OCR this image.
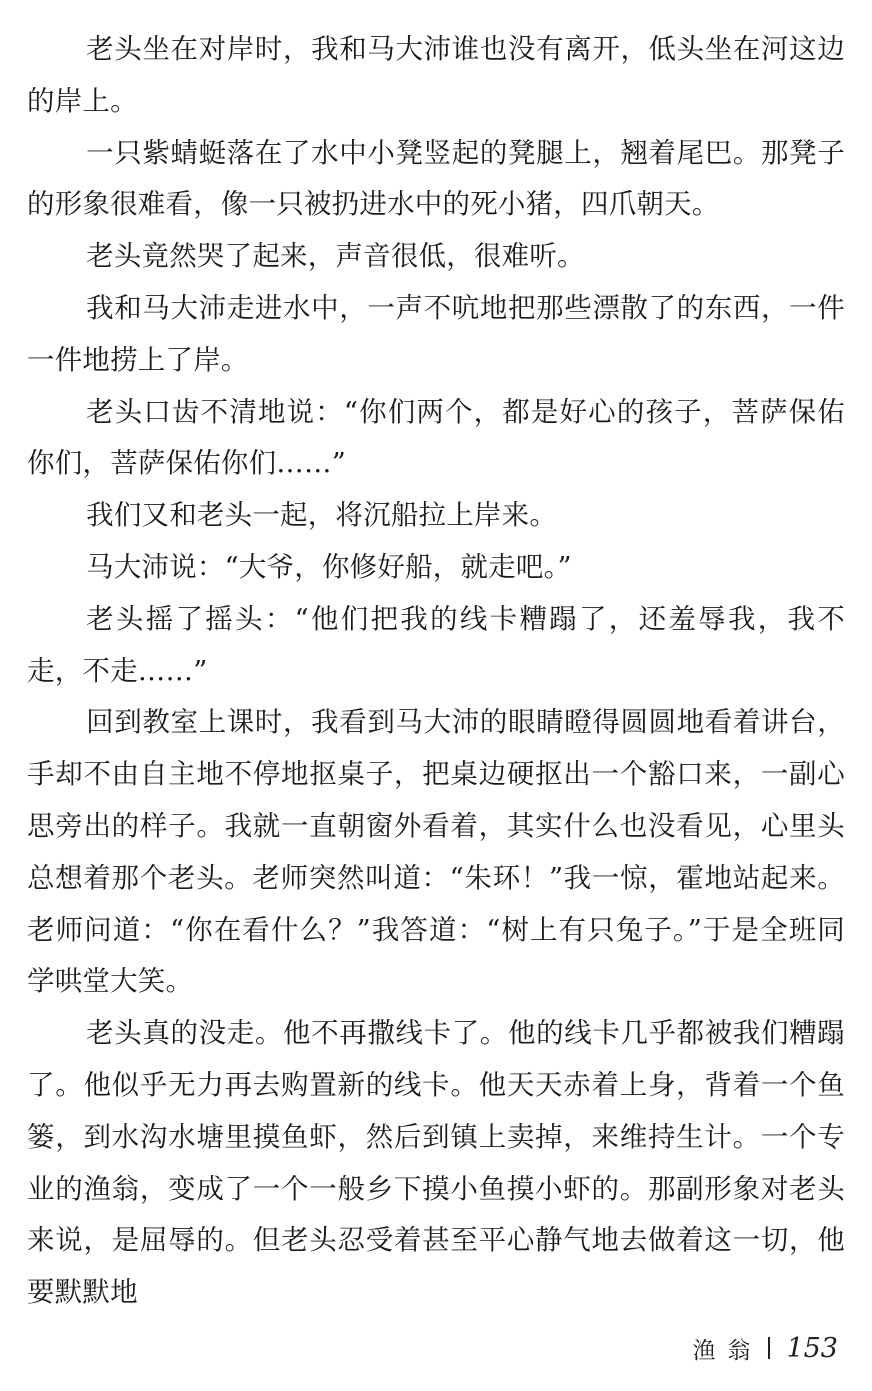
老头坐在对岸时，我和马大沛谁也没有离开，低头坐在河这边的岸上。

一只紫蜻蜓落在了水中小凳竖起的凳腿上，翘着尾巴。那凳子的形象很难看，像一只被扔进水中的死小猪，四爪朝天。

老头竟然哭了起来，声音很低，很难听。

我和马大沛走进水中，一声不吭地把那些漂散了的东西，一件一件地捞上了岸。

老头口齿不清地说：“你们两个，都是好心的孩子，菩萨保佑你们，菩萨保佑你们……”

我们又和老头一起，将沉船拉上岸来。

马大沛说：“大爷，你修好船，就走吧。”

老头摇了摇头：“他们把我的线卡糟蹋了，还羞辱我，我不走，不走……”

回到教室上课时，我看到马大沛的眼睛瞪得圆圆地看着讲台，手却不由自主地不停地抠桌子，把桌边硬抠出一个豁口来，一副心思旁出的样子。我就一直朝窗外看着，其实什么也没看见，心里头总想着那个老头。老师突然叫道：“朱环！”我一惊，霍地站起来。老师问道：“你在看什么？”我答道：“树上有只兔子。”于是全班同学哄堂大笑。

老头真的没走。他不再撒线卡了。他的线卡几乎都被我们糟蹋了。他似乎无力再去购置新的线卡。他天天赤着上身，背着一个鱼篓，到水沟水塘里摸鱼虾，然后到镇上卖掉，来维持生计。一个专业的渔翁，变成了一个一般乡下摸小鱼摸小虾的。那副形象对老头来说，是屈辱的。但老头忍受着甚至平心静气地去做着这一切，他要默默地

渔翁 153
